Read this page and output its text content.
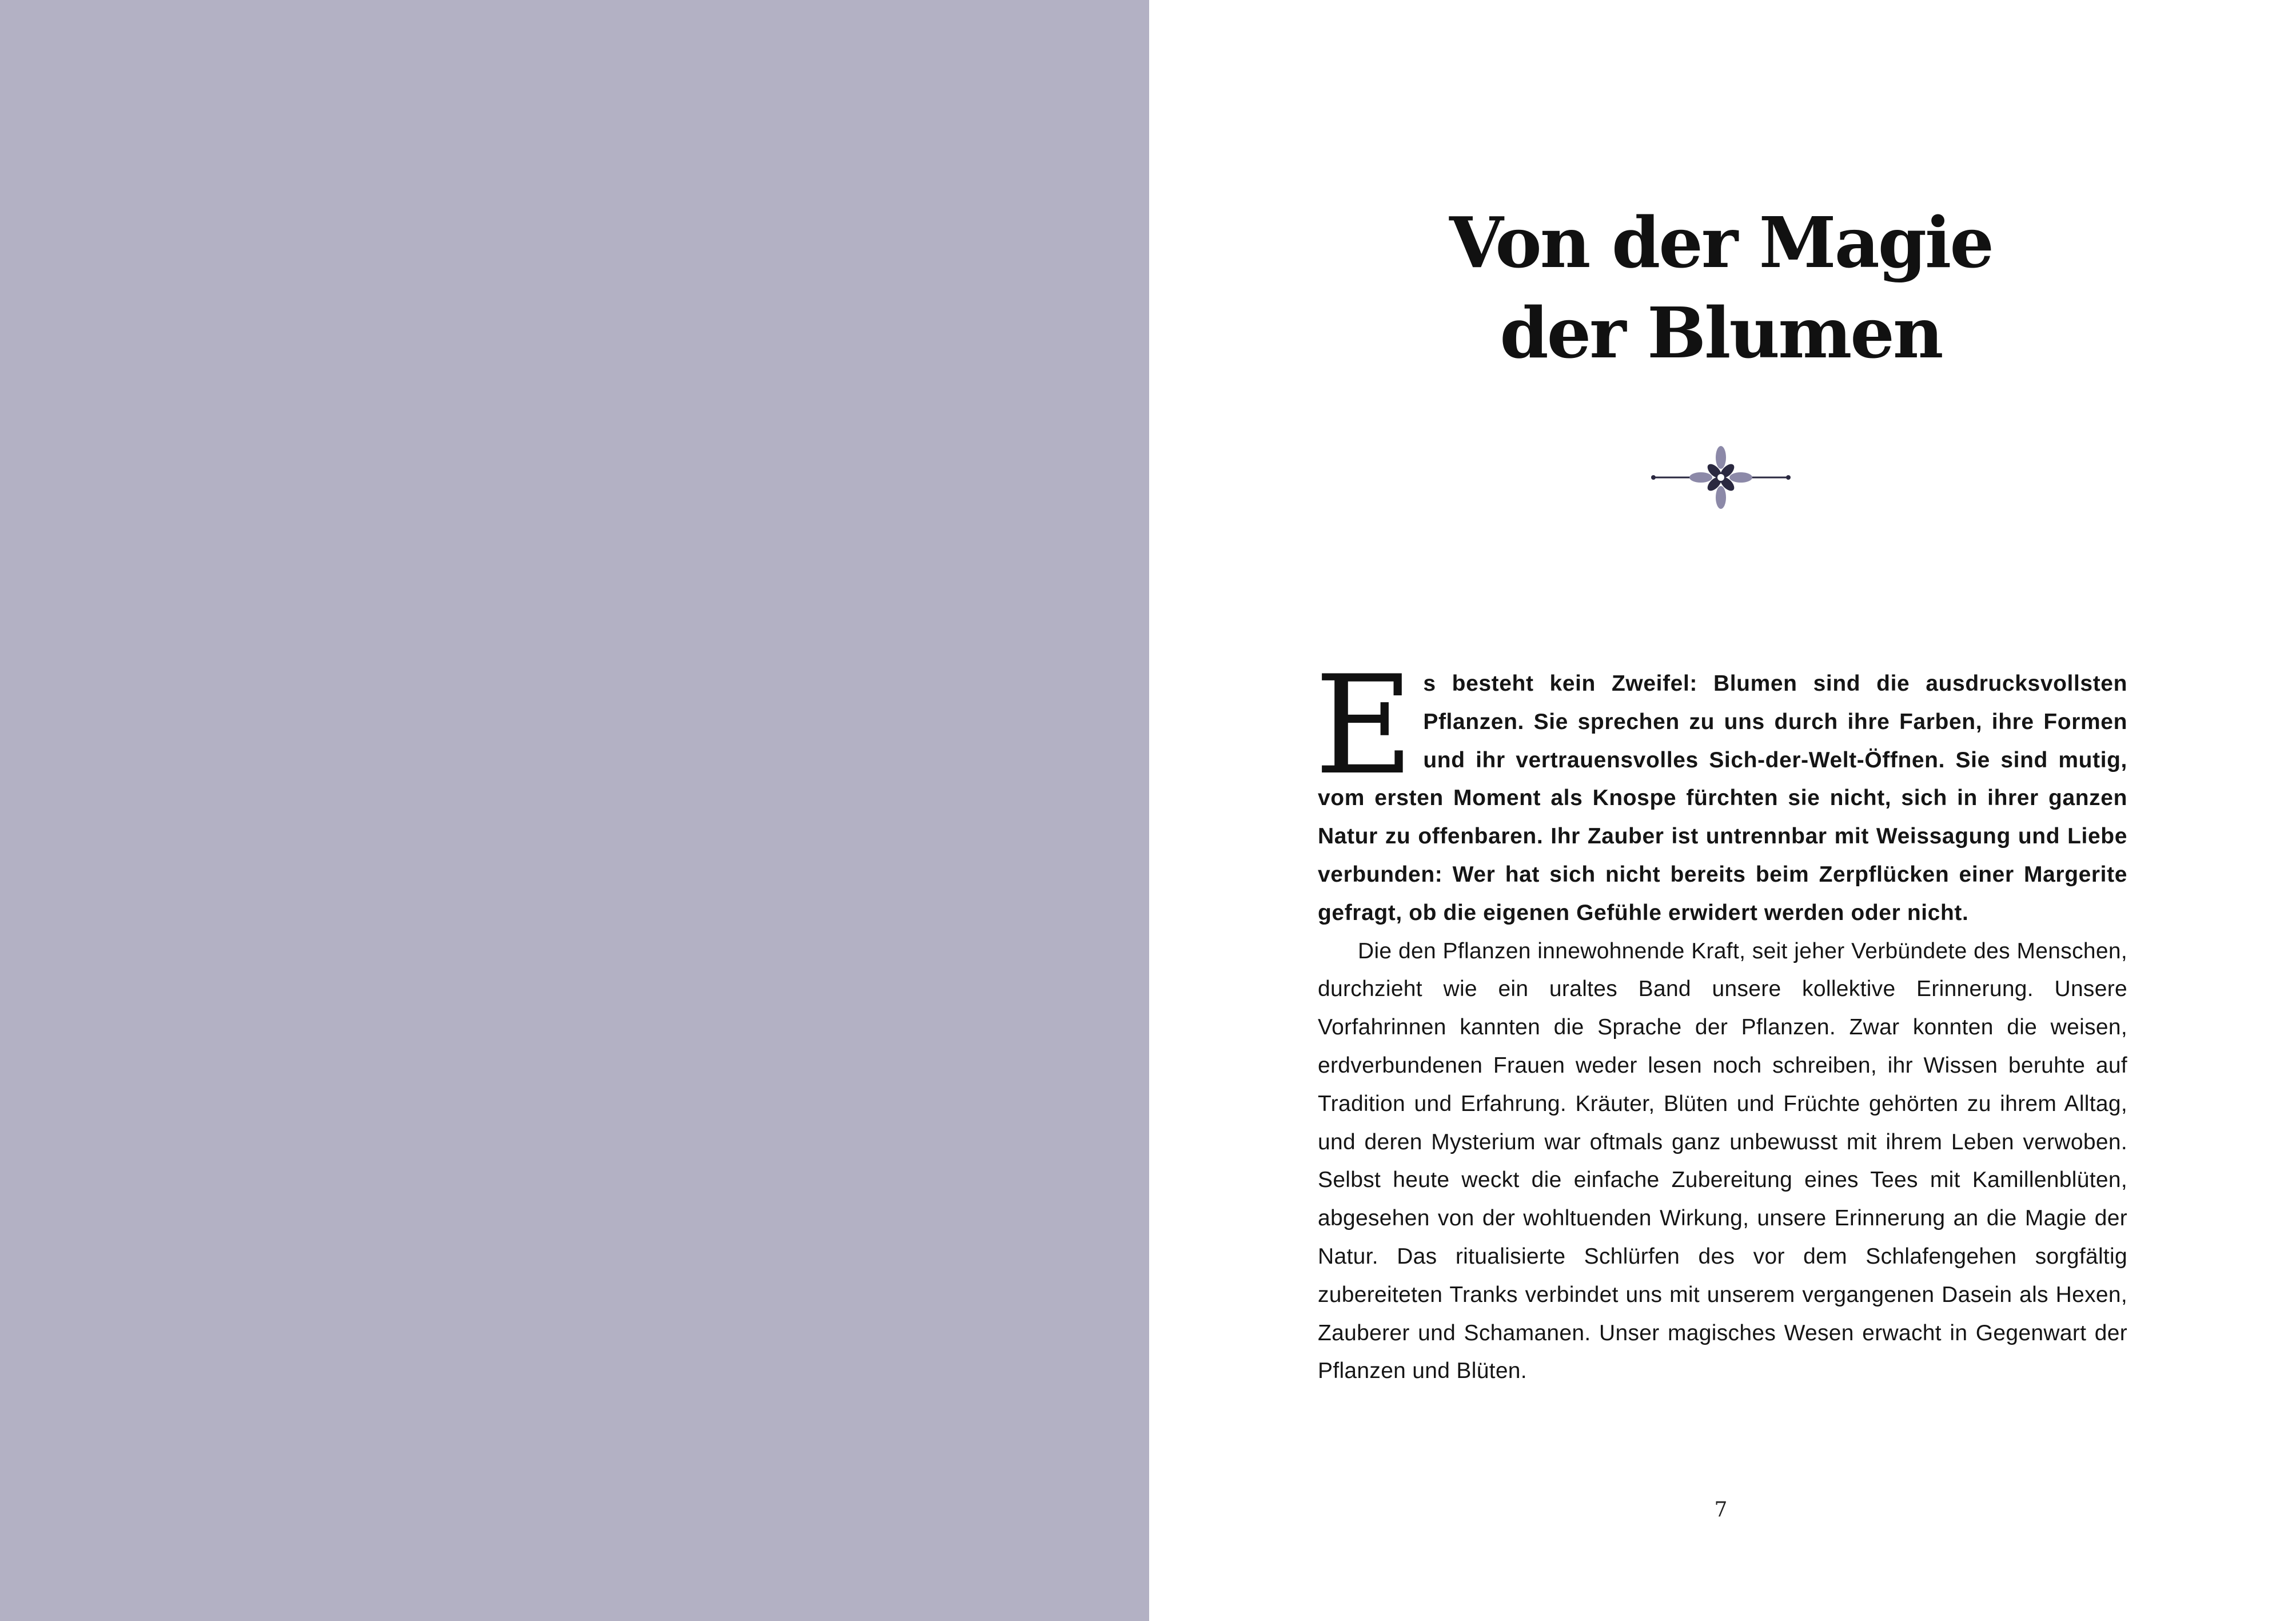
Von der Magie
der Blumen

Es besteht kein Zweifel: Blumen sind die ausdrucksvollsten Pflanzen. Sie sprechen zu uns durch ihre Farben, ihre Formen und ihr vertrauensvolles Sich-der-Welt-Öffnen. Sie sind mutig, vom ersten Moment als Knospe fürchten sie nicht, sich in ihrer ganzen Natur zu offenbaren. Ihr Zauber ist untrennbar mit Weissagung und Liebe verbunden: Wer hat sich nicht bereits beim Zerpflücken einer Margerite gefragt, ob die eigenen Gefühle erwidert werden oder nicht.

Die den Pflanzen innewohnende Kraft, seit jeher Verbündete des Menschen, durchzieht wie ein uraltes Band unsere kollektive Erinnerung. Unsere Vorfahrinnen kannten die Sprache der Pflanzen. Zwar konnten die weisen, erdverbundenen Frauen weder lesen noch schreiben, ihr Wissen beruhte auf Tradition und Erfahrung. Kräuter, Blüten und Früchte gehörten zu ihrem Alltag, und deren Mysterium war oftmals ganz unbewusst mit ihrem Leben verwoben. Selbst heute weckt die einfache Zubereitung eines Tees mit Kamillenblüten, abgesehen von der wohltuenden Wirkung, unsere Erinnerung an die Magie der Natur. Das ritualisierte Schlürfen des vor dem Schlafengehen sorgfältig zubereiteten Tranks verbindet uns mit unserem vergangenen Dasein als Hexen, Zauberer und Schamanen. Unser magisches Wesen erwacht in Gegenwart der Pflanzen und Blüten.

7
